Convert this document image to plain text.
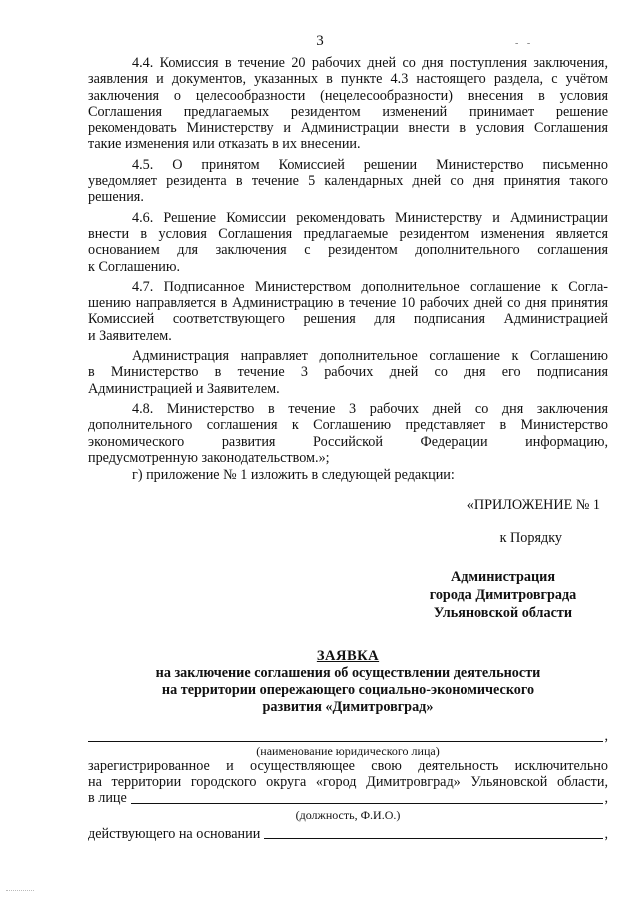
3	- -

4.4. Комиссия в течение 20 рабочих дней со дня поступления заключения,

заявления и документов, указанных в пункте 4.3 настоящего раздела, с учётом

заключения о целесообразности (нецелесообразности) внесения в условия

Соглашения предлагаемых резидентом изменений принимает решение

рекомендовать Министерству и Администрации внести в условия Соглашения

такие изменения или отказать в их внесении.

4.5. О принятом Комиссией решении Министерство письменно

уведомляет резидента в течение 5 календарных дней со дня принятия такого

решения.

4.6. Решение Комиссии рекомендовать Министерству и Администрации

внести в условия Соглашения предлагаемые резидентом изменения является

основанием для заключения с резидентом дополнительного соглашения

к Соглашению.

4.7. Подписанное Министерством дополнительное соглашение к Согла-

шению направляется в Администрацию в течение 10 рабочих дней со дня принятия

Комиссией соответствующего решения для подписания Администрацией

и Заявителем.

Администрация направляет дополнительное соглашение к Соглашению

в Министерство в течение 3 рабочих дней со дня его подписания

Администрацией и Заявителем.

4.8. Министерство в течение 3 рабочих дней со дня заключения

дополнительного соглашения к Соглашению представляет в Министерство

экономического развития Российской Федерации информацию,

предусмотренную законодательством.»;

г) приложение № 1 изложить в следующей редакции:

«ПРИЛОЖЕНИЕ № 1

к Порядку

Администрация
города Димитровграда
Ульяновской области
ЗАЯВКА
на заключение соглашения об осуществлении деятельности
на территории опережающего социально-экономического
развития «Димитровград»
,
(наименование юридического лица)

зарегистрированное и осуществляющее свою деятельность исключительно

на территории городского округа «город Димитровград» Ульяновской области,

в лице	,
(должность, Ф.И.О.)
действующего на основании	,
